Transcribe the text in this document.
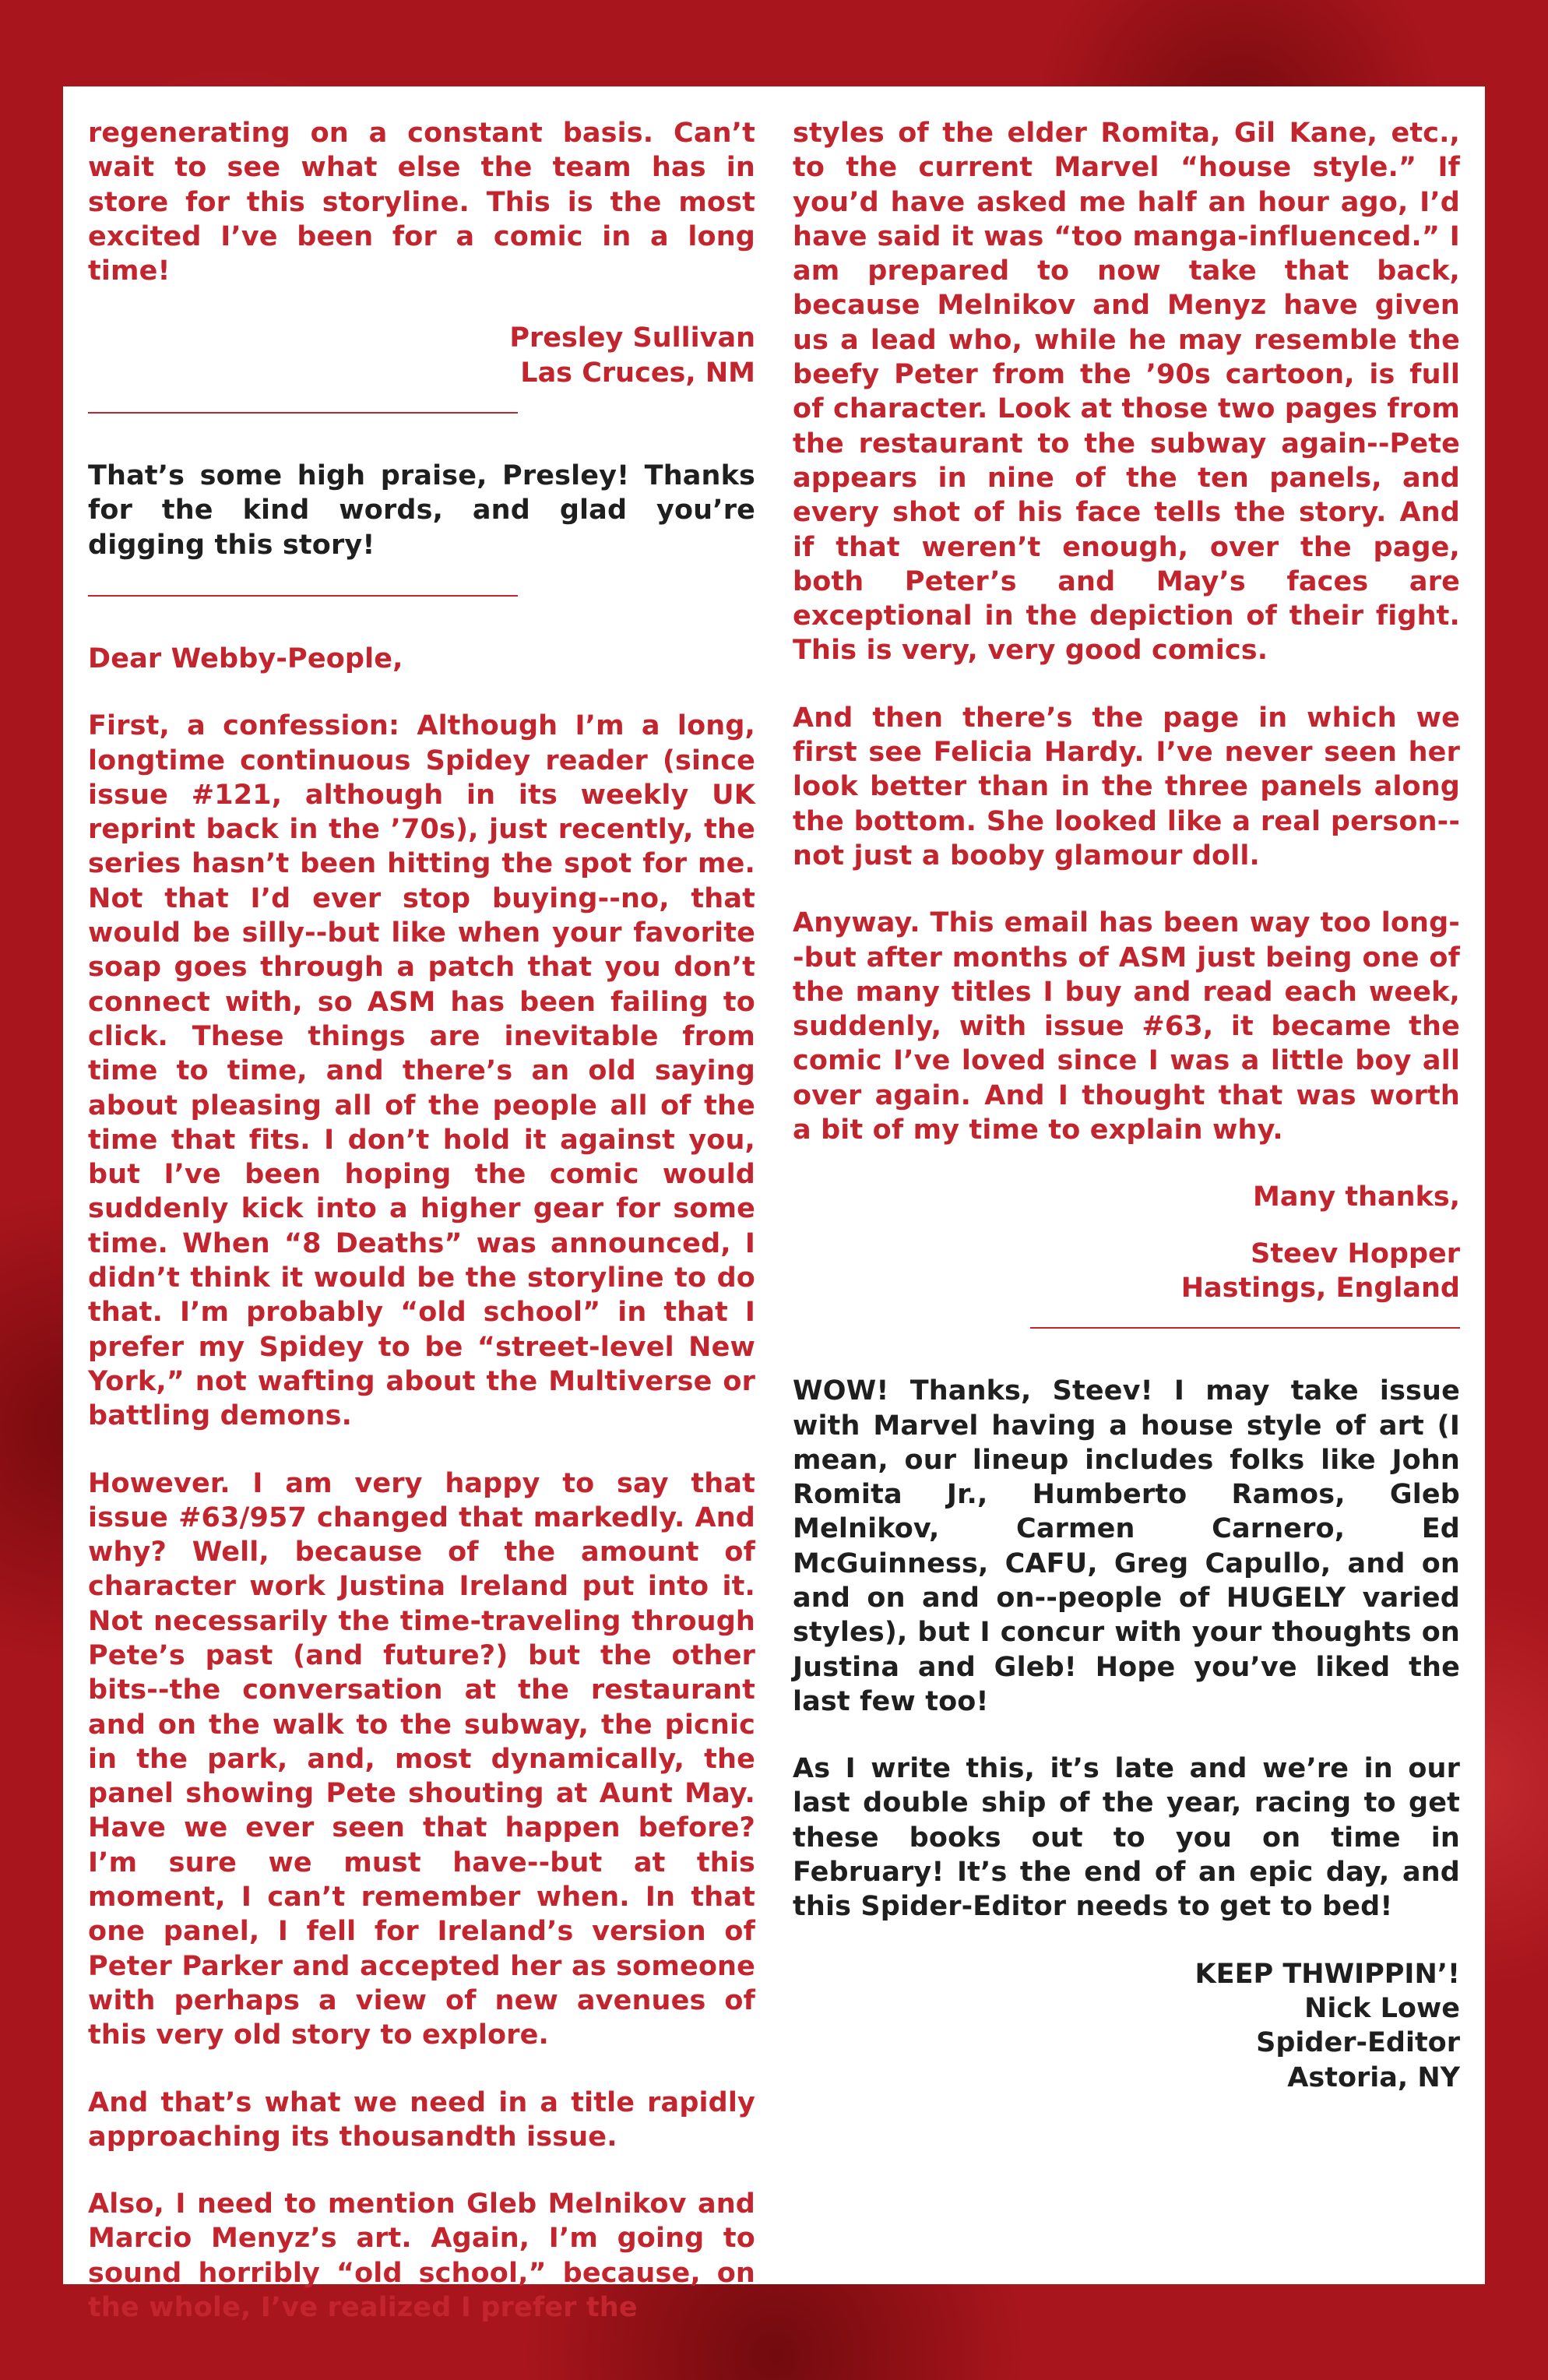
regenerating on a constant basis. Can’t wait to see what else the team has in store for this storyline. This is the most excited I’ve been for a comic in a long time!

Presley Sullivan
Las Cruces, NM

That’s some high praise, Presley! Thanks for the kind words, and glad you’re digging this story!

Dear Webby-People,

First, a confession: Although I’m a long, longtime continuous Spidey reader (since issue #121, although in its weekly UK reprint back in the ’70s), just recently, the series hasn’t been hitting the spot for me. Not that I’d ever stop buying--no, that would be silly--but like when your favorite soap goes through a patch that you don’t connect with, so ASM has been failing to click. These things are inevitable from time to time, and there’s an old saying about pleasing all of the people all of the time that fits. I don’t hold it against you, but I’ve been hoping the comic would suddenly kick into a higher gear for some time. When “8 Deaths” was announced, I didn’t think it would be the storyline to do that. I’m probably “old school” in that I prefer my Spidey to be “street-level New York,” not wafting about the Multiverse or battling demons.

However. I am very happy to say that issue #63/957 changed that markedly. And why? Well, because of the amount of character work Justina Ireland put into it. Not necessarily the time-traveling through Pete’s past (and future?) but the other bits--the conversation at the restaurant and on the walk to the subway, the picnic in the park, and, most dynamically, the panel showing Pete shouting at Aunt May. Have we ever seen that happen before? I’m sure we must have--but at this moment, I can’t remember when. In that one panel, I fell for Ireland’s version of Peter Parker and accepted her as someone with perhaps a view of new avenues of this very old story to explore.

And that’s what we need in a title rapidly approaching its thousandth issue.

Also, I need to mention Gleb Melnikov and Marcio Menyz’s art. Again, I’m going to sound horribly “old school,” because, on the whole, I’ve realized I prefer the

styles of the elder Romita, Gil Kane, etc., to the current Marvel “house style.” If you’d have asked me half an hour ago, I’d have said it was “too manga-influenced.” I am prepared to now take that back, because Melnikov and Menyz have given us a lead who, while he may resemble the beefy Peter from the ’90s cartoon, is full of character. Look at those two pages from the restaurant to the subway again--Pete appears in nine of the ten panels, and every shot of his face tells the story. And if that weren’t enough, over the page, both Peter’s and May’s faces are exceptional in the depiction of their fight. This is very, very good comics.

And then there’s the page in which we first see Felicia Hardy. I’ve never seen her look better than in the three panels along the bottom. She looked like a real person--not just a booby glamour doll.

Anyway. This email has been way too long--but after months of ASM just being one of the many titles I buy and read each week, suddenly, with issue #63, it became the comic I’ve loved since I was a little boy all over again. And I thought that was worth a bit of my time to explain why.

Many thanks,
Steev Hopper
Hastings, England

WOW! Thanks, Steev! I may take issue with Marvel having a house style of art (I mean, our lineup includes folks like John Romita Jr., Humberto Ramos, Gleb Melnikov, Carmen Carnero, Ed McGuinness, CAFU, Greg Capullo, and on and on and on--people of HUGELY varied styles), but I concur with your thoughts on Justina and Gleb! Hope you’ve liked the last few too!

As I write this, it’s late and we’re in our last double ship of the year, racing to get these books out to you on time in February! It’s the end of an epic day, and this Spider-Editor needs to get to bed!

KEEP THWIPPIN’!
Nick Lowe
Spider-Editor
Astoria, NY
